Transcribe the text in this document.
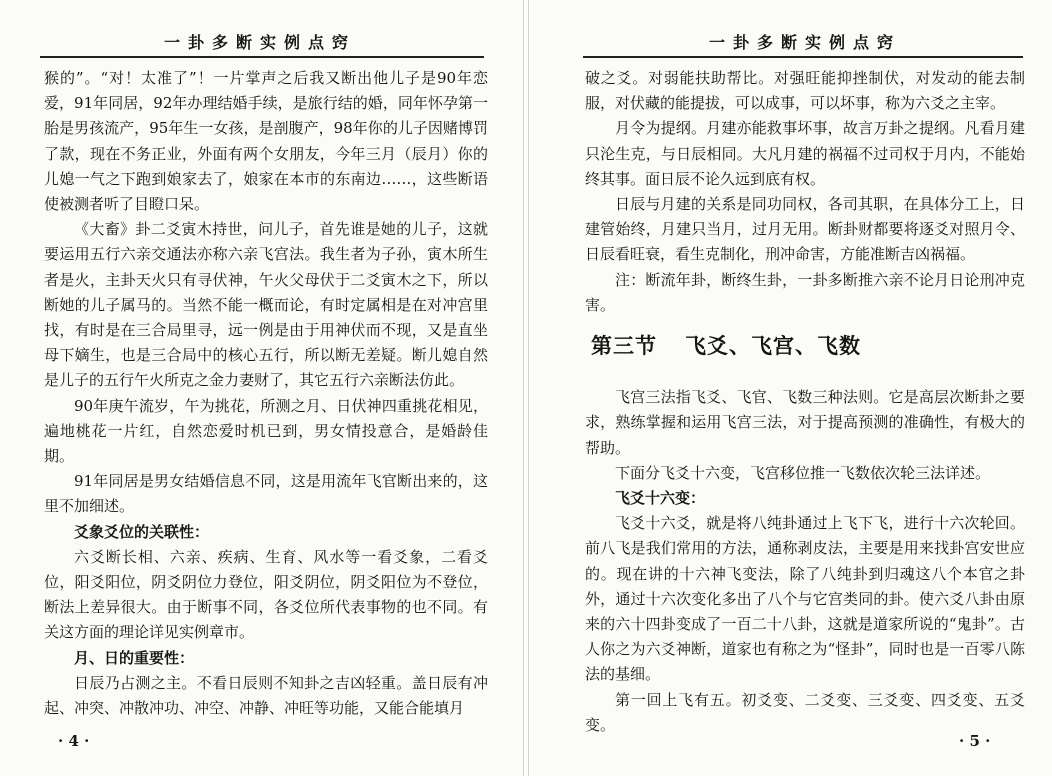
一卦多断实例点窍

猴的”。“对！太准了”！一片掌声之后我又断出他儿子是90年恋爱，91年同居，92年办理结婚手续，是旅行结的婚，同年怀孕第一胎是男孩流产，95年生一女孩，是剖腹产，98年你的儿子因赌博罚了款，现在不务正业，外面有两个女朋友，今年三月（辰月）你的儿媳一气之下跑到娘家去了，娘家在本市的东南边……，这些断语使被测者听了目瞪口呆。

《大畜》卦二爻寅木持世，问儿子，首先谁是她的儿子，这就要运用五行六亲交通法亦称六亲飞宫法。我生者为子孙，寅木所生者是火，主卦天火只有寻伏神，午火父母伏于二爻寅木之下，所以断她的儿子属马的。当然不能一概而论，有时定属相是在对冲宫里找，有时是在三合局里寻，远一例是由于用神伏而不现，又是直坐母下嫡生，也是三合局中的核心五行，所以断无差疑。断儿媳自然是儿子的五行午火所克之金力妻财了，其它五行六亲断法仿此。

90年庚午流岁，午为挑花，所测之月、日伏神四重挑花相见，遍地桃花一片红，自然恋爱时机已到，男女情投意合，是婚龄佳期。

91年同居是男女结婚信息不同，这是用流年飞官断出来的，这里不加细述。

爻象爻位的关联性：

六爻断长相、六亲、疾病、生育、风水等一看爻象，二看爻位，阳爻阳位，阴爻阴位力登位，阳爻阴位，阴爻阳位为不登位，断法上差异很大。由于断事不同，各爻位所代表事物的也不同。有关这方面的理论详见实例章市。

月、日的重要性：

日辰乃占测之主。不看日辰则不知卦之吉凶轻重。盖日辰有冲起、冲突、冲散冲功、冲空、冲静、冲旺等功能，又能合能填月

· 4 ·
一卦多断实例点窍

破之爻。对弱能扶助帮比。对强旺能抑挫制伏，对发动的能去制服，对伏藏的能提拔，可以成事，可以坏事，称为六爻之主宰。

月令为提纲。月建亦能救事坏事，故言万卦之提纲。凡看月建只沦生克，与日辰相同。大凡月建的祸福不过司权于月内，不能始终其事。面日辰不论久远到底有权。

日辰与月建的关系是同功同权，各司其职，在具体分工上，日建管始终，月建只当月，过月无用。断卦财都要将逐爻对照月令、日辰看旺衰，看生克制化，刑冲命害，方能准断吉凶祸福。

注：断流年卦，断终生卦，一卦多断推六亲不论月日论刑冲克害。

第三节 飞爻、飞宫、飞数

飞宫三法指飞爻、飞官、飞数三种法则。它是高层次断卦之要求，熟练掌握和运用飞宫三法，对于提高预测的准确性，有极大的帮助。

下面分飞爻十六变，飞宫移位推一飞数依次轮三法详述。

飞爻十六变：

飞爻十六爻，就是将八纯卦通过上飞下飞，进行十六次轮回。前八飞是我们常用的方法，通称剥皮法，主要是用来找卦宫安世应的。现在讲的十六神飞变法，除了八纯卦到归魂这八个本官之卦外，通过十六次变化多出了八个与它宫类同的卦。使六爻八卦由原来的六十四卦变成了一百二十八卦，这就是道家所说的“鬼卦”。古人你之为六爻神断，道家也有称之为“怪卦”，同时也是一百零八陈法的基细。

第一回上飞有五。初爻变、二爻变、三爻变、四爻变、五爻变。

· 5 ·
